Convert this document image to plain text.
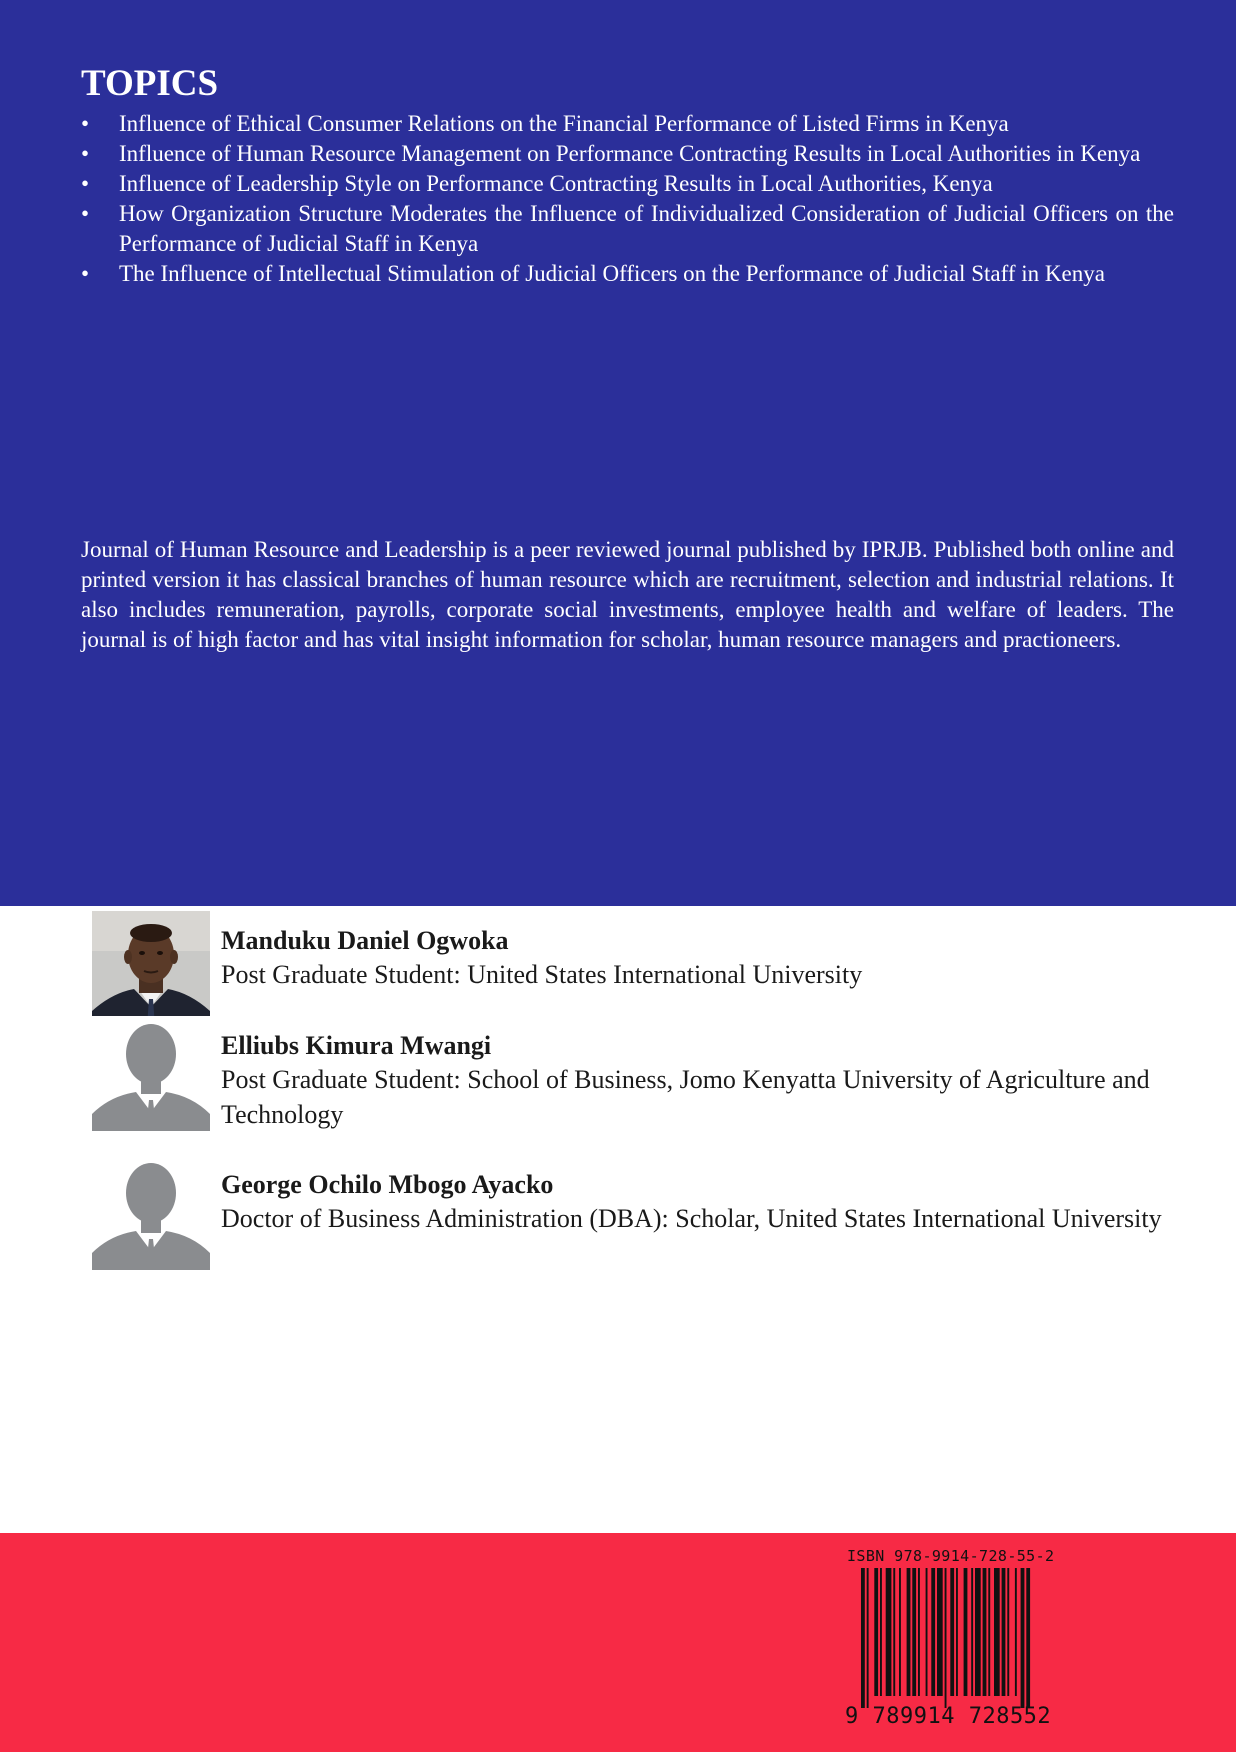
TOPICS
• Influence of Ethical Consumer Relations on the Financial Performance of Listed Firms in Kenya
• Influence of Human Resource Management on Performance Contracting Results in Local Authorities in Kenya
• Influence of Leadership Style on Performance Contracting Results in Local Authorities, Kenya
• How Organization Structure Moderates the Influence of Individualized Consideration of Judicial Officers on the Performance of Judicial Staff in Kenya
• The Influence of Intellectual Stimulation of Judicial Officers on the Performance of Judicial Staff in Kenya

Journal of Human Resource and Leadership is a peer reviewed journal published by IPRJB. Published both online and printed version it has classical branches of human resource which are recruitment, selection and industrial relations. It also includes remuneration, payrolls, corporate social investments, employee health and welfare of leaders. The journal is of high factor and has vital insight information for scholar, human resource managers and practioneers.

Manduku Daniel Ogwoka
Post Graduate Student: United States International University
Elliubs Kimura Mwangi
Post Graduate Student: School of Business, Jomo Kenyatta University of Agriculture and Technology
George Ochilo Mbogo Ayacko
Doctor of Business Administration (DBA): Scholar, United States International University
ISBN 978-9914-728-55-2
9 789914 728552
